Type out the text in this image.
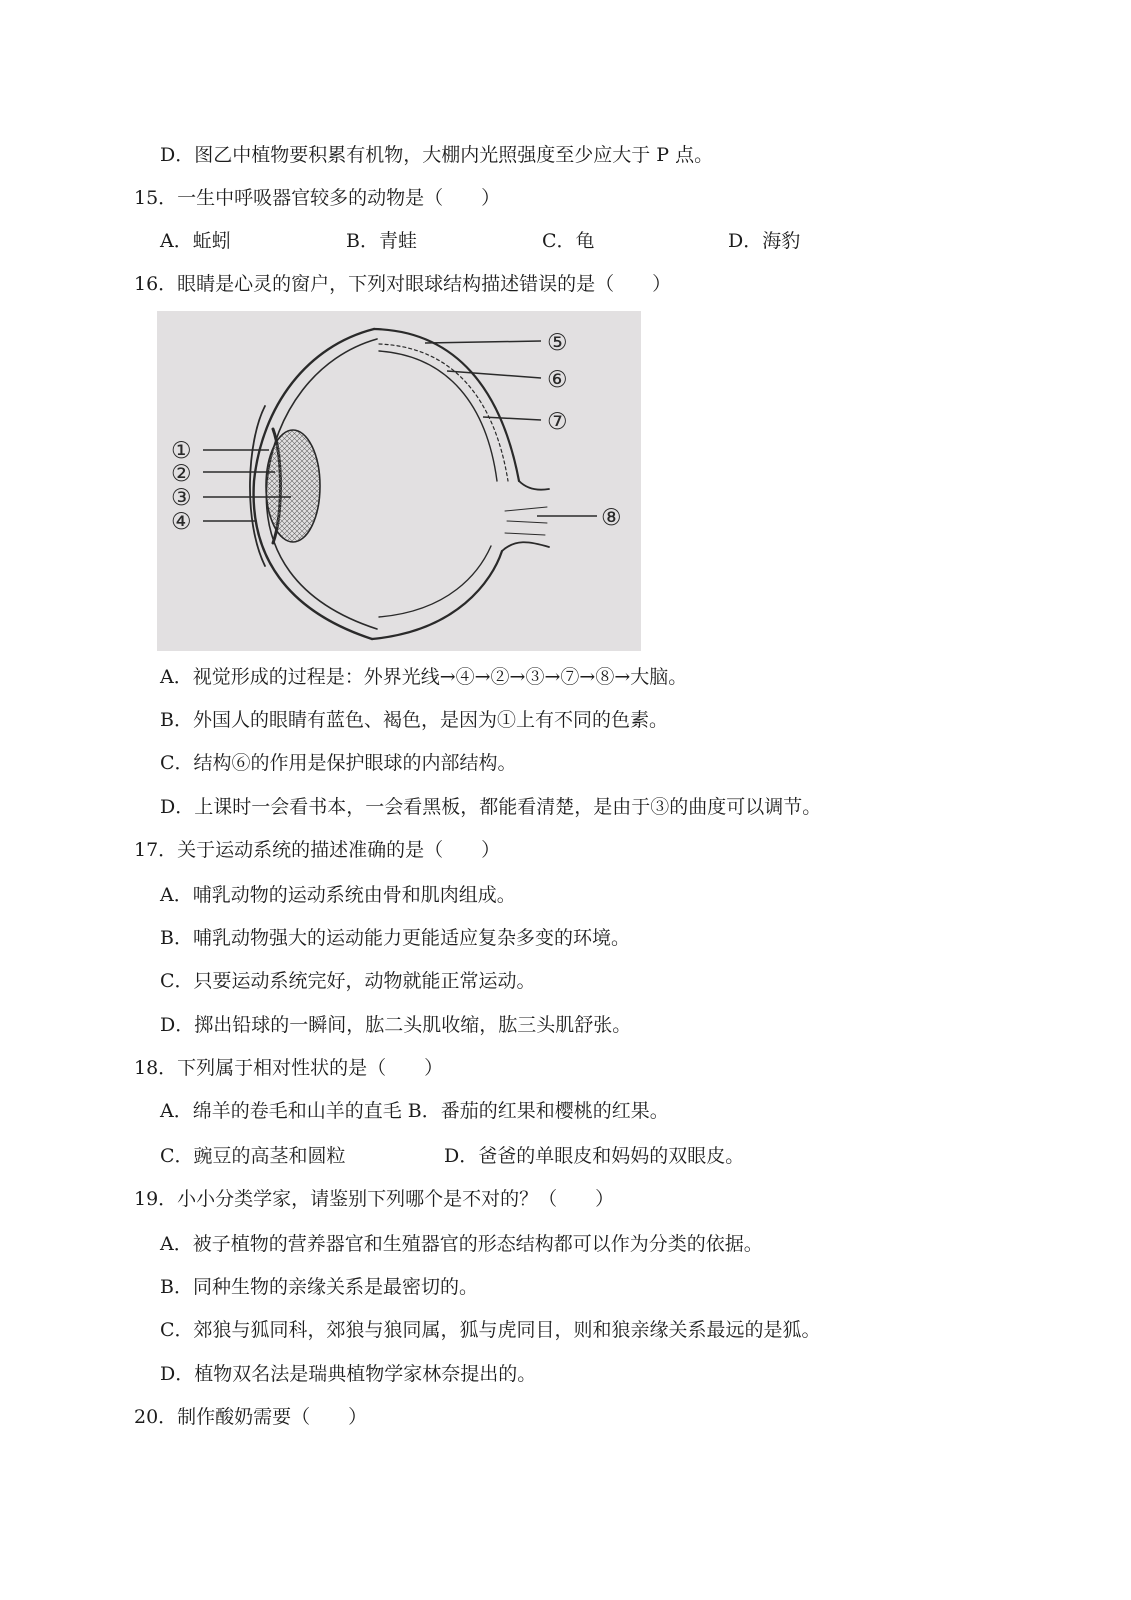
D．图乙中植物要积累有机物，大棚内光照强度至少应大于 P 点。
15．一生中呼吸器官较多的动物是（　　）
A．蚯蚓	B．青蛙	C．龟	D．海豹
16．眼睛是心灵的窗户，下列对眼球结构描述错误的是（　　）
①
②
③
④
⑤
⑥
⑦
⑧
A．视觉形成的过程是：外界光线→④→②→③→⑦→⑧→大脑。
B．外国人的眼睛有蓝色、褐色，是因为①上有不同的色素。
C．结构⑥的作用是保护眼球的内部结构。
D．上课时一会看书本，一会看黑板，都能看清楚，是由于③的曲度可以调节。
17．关于运动系统的描述准确的是（　　）
A．哺乳动物的运动系统由骨和肌肉组成。
B．哺乳动物强大的运动能力更能适应复杂多变的环境。
C．只要运动系统完好，动物就能正常运动。
D．掷出铅球的一瞬间，肱二头肌收缩，肱三头肌舒张。
18．下列属于相对性状的是（　　）
A．绵羊的卷毛和山羊的直毛 B．番茄的红果和樱桃的红果。
C．豌豆的高茎和圆粒	D．爸爸的单眼皮和妈妈的双眼皮。
19．小小分类学家，请鉴别下列哪个是不对的？（　　）
A．被子植物的营养器官和生殖器官的形态结构都可以作为分类的依据。
B．同种生物的亲缘关系是最密切的。
C．郊狼与狐同科，郊狼与狼同属，狐与虎同目，则和狼亲缘关系最远的是狐。
D．植物双名法是瑞典植物学家林奈提出的。
20．制作酸奶需要（　　）
